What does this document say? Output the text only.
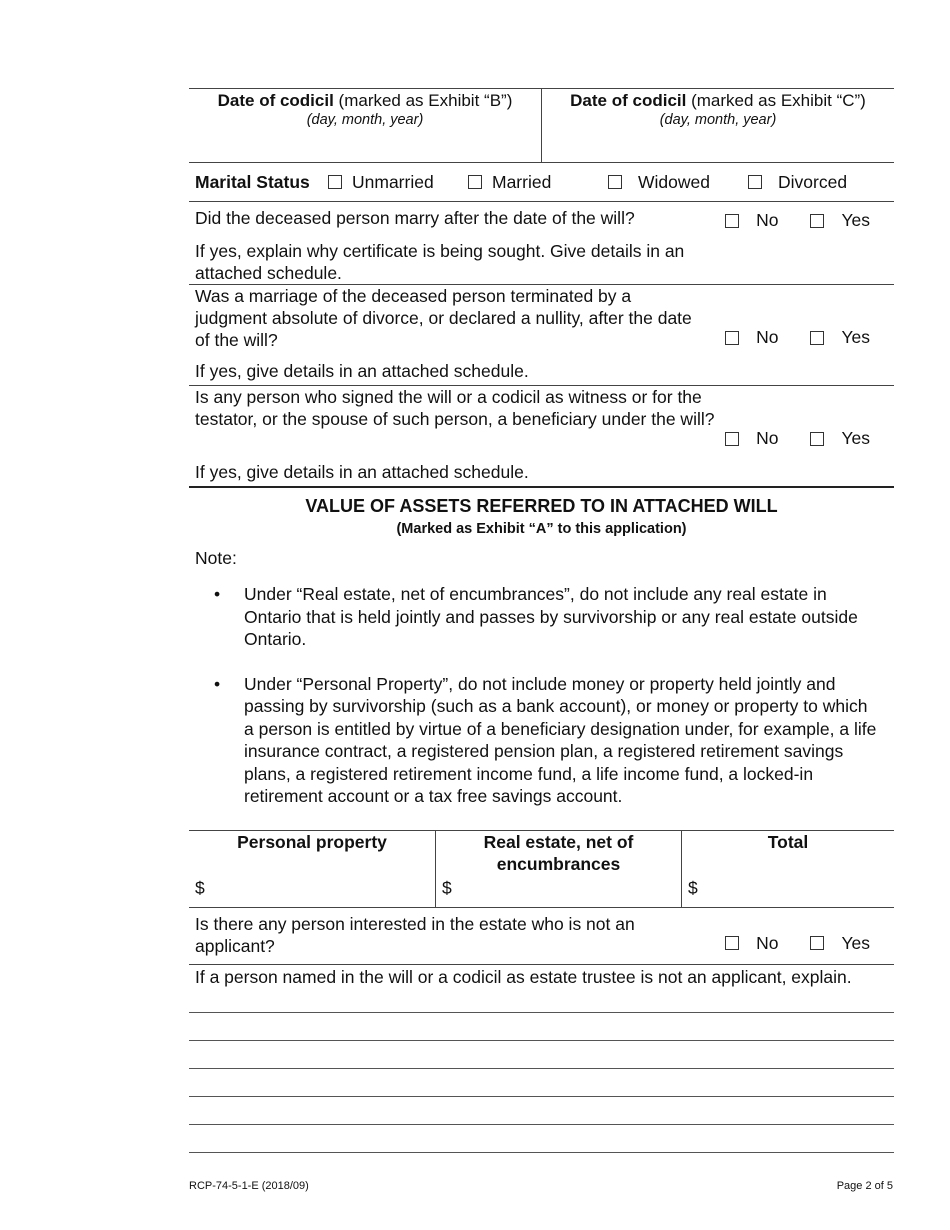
Date of codicil (marked as Exhibit “B”)
(day, month, year)
Date of codicil (marked as Exhibit “C”)
(day, month, year)
Marital Status Unmarried	Married	Widowed	Divorced
Did the deceased person marry after the date of the will?	No	Yes
If yes, explain why certificate is being sought. Give details in an attached schedule.
Was a marriage of the deceased person terminated by a judgment absolute of divorce, or declared a nullity, after the date of the will?	No	Yes
If yes, give details in an attached schedule.
Is any person who signed the will or a codicil as witness or for the testator, or the spouse of such person, a beneficiary under the will?
No	Yes
If yes, give details in an attached schedule.
VALUE OF ASSETS REFERRED TO IN ATTACHED WILL
(Marked as Exhibit “A” to this application)
Note:
• Under “Real estate, net of encumbrances”, do not include any real estate in Ontario that is held jointly and passes by survivorship or any real estate outside Ontario.
• Under “Personal Property”, do not include money or property held jointly and passing by survivorship (such as a bank account), or money or property to which a person is entitled by virtue of a beneficiary designation under, for example, a life insurance contract, a registered pension plan, a registered retirement savings plans, a registered retirement income fund, a life income fund, a locked-in retirement account or a tax free savings account.
Personal property
$
Real estate, net of encumbrances
$
Total
$
Is there any person interested in the estate who is not an applicant?	No	Yes
If a person named in the will or a codicil as estate trustee is not an applicant, explain.
RCP-74-5-1-E (2018/09)	Page 2 of 5
